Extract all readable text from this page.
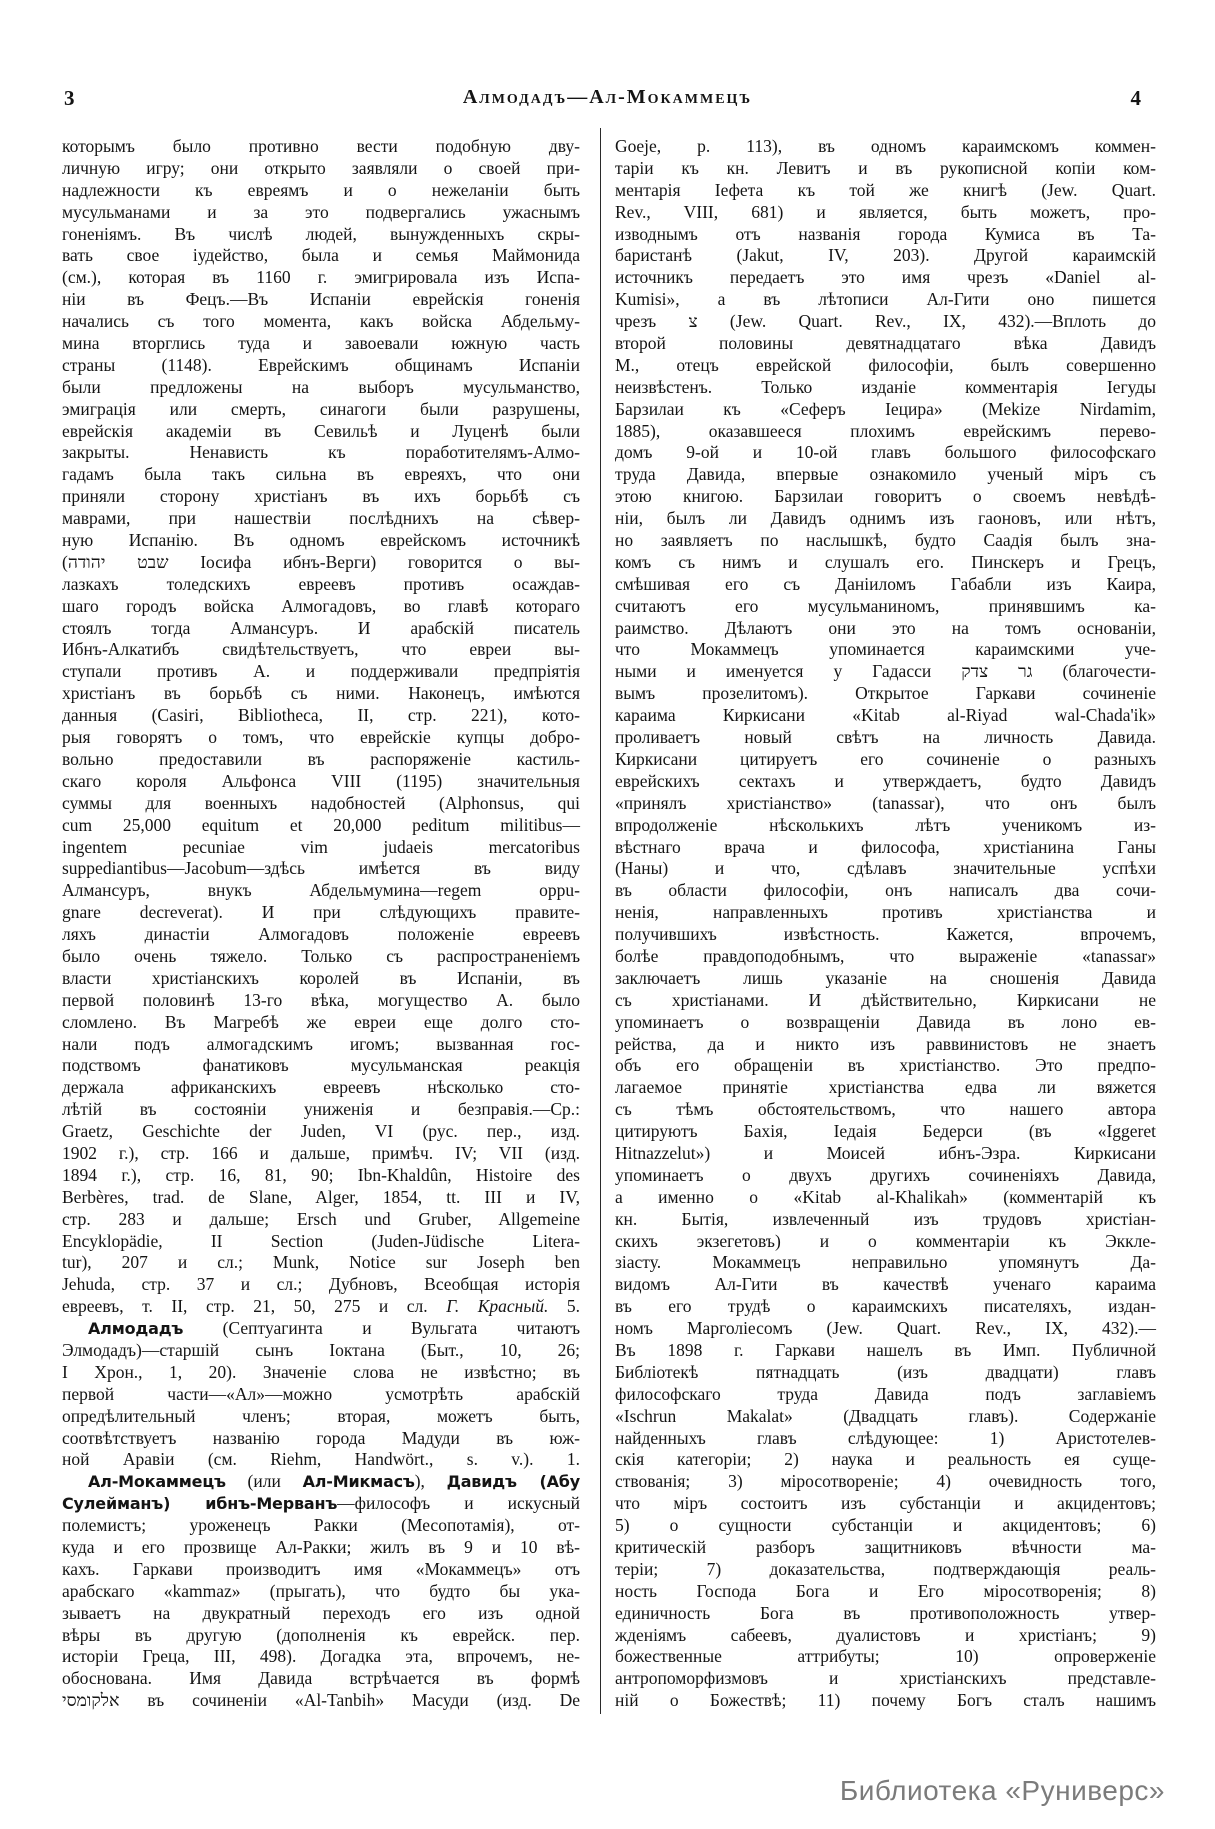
3	Алмодадъ—Ал-Мокаммецъ	4
которымъ было противно вести подобную дву-
личную игру; они открыто заявляли о своей при-
надлежности къ евреямъ и о нежеланіи быть
мусульманами и за это подвергались ужаснымъ
гоненіямъ. Въ числѣ людей, вынужденныхъ скры-
вать свое іудейство, была и семья Маймонида
(см.), которая въ 1160 г. эмигрировала изъ Испа-
ніи въ Фецъ.—Въ Испаніи еврейскія гоненія
начались съ того момента, какъ войска Абдельму-
мина вторглись туда и завоевали южную часть
страны (1148). Еврейскимъ общинамъ Испаніи
были предложены на выборъ мусульманство,
эмиграція или смерть, синагоги были разрушены,
еврейскія академіи въ Севильѣ и Луценѣ были
закрыты. Ненависть къ поработителямъ-Алмо-
гадамъ была такъ сильна въ евреяхъ, что они
приняли сторону христіанъ въ ихъ борьбѣ съ
маврами, при нашествіи послѣднихъ на сѣвер-
ную Испанію. Въ одномъ еврейскомъ источникѣ
(שבט יהודה Іосифа ибнъ-Верги) говорится о вы-
лазкахъ толедскихъ евреевъ противъ осаждав-
шаго городъ войска Алмогадовъ, во главѣ котораго
стоялъ тогда Алмансуръ. И арабскій писатель
Ибнъ-Алкатибъ свидѣтельствуетъ, что евреи вы-
ступали противъ А. и поддерживали предпріятія
христіанъ въ борьбѣ съ ними. Наконецъ, имѣются
данныя (Casiri, Bibliotheca, II, стр. 221), кото-
рыя говорятъ о томъ, что еврейскіе купцы добро-
вольно предоставили въ распоряженіе кастиль-
скаго короля Альфонса VIII (1195) значительныя
суммы для военныхъ надобностей (Alphonsus, qui
cum 25,000 equitum et 20,000 peditum militibus—
ingentem pecuniae vim judaeis mercatoribus
suppediantibus—Jacobum—здѣсь имѣется въ виду
Алмансуръ, внукъ Абдельмумина—regem oppu-
gnare decreverat). И при слѣдующихъ правите-
ляхъ династіи Алмогадовъ положеніе евреевъ
было очень тяжело. Только съ распространеніемъ
власти христіанскихъ королей въ Испаніи, въ
первой половинѣ 13-го вѣка, могущество А. было
сломлено. Въ Магребѣ же евреи еще долго сто-
нали подъ алмогадскимъ игомъ; вызванная гос-
подствомъ фанатиковъ мусульманская реакція
держала африканскихъ евреевъ нѣсколько сто-
лѣтій въ состояніи униженія и безправія.—Ср.:
Graetz, Geschichte der Juden, VI (рус. пер., изд.
1902 г.), стр. 166 и дальше, примѣч. IV; VII (изд.
1894 г.), стр. 16, 81, 90; Ibn-Khaldûn, Histoire des
Berbères, trad. de Slane, Alger, 1854, tt. III и IV,
стр. 283 и дальше; Ersch und Gruber, Allgemeine
Encyklopädie, II Section (Juden-Jüdische Litera-
tur), 207 и сл.; Munk, Notice sur Joseph ben
Jehuda, стр. 37 и сл.; Дубновъ, Всеобщая исторія
евреевъ, т. II, стр. 21, 50, 275 и сл. Г. Красный. 5.
Алмодадъ (Септуагинта и Вульгата читаютъ
Элмодадъ)—старшій сынъ Іоктана (Быт., 10, 26;
I Хрон., 1, 20). Значеніе слова не извѣстно; въ
первой части—«Ал»—можно усмотрѣть арабскій
опредѣлительный членъ; вторая, можетъ быть,
соотвѣтствуетъ названію города Мадуди въ юж-
ной Аравіи (см. Riehm, Handwört., s. v.). 1.
Ал-Мокаммецъ (или Ал-Микмасъ), Давидъ (Абу
Сулейманъ) ибнъ-Мерванъ—философъ и искусный
полемистъ; уроженецъ Ракки (Месопотамія), от-
куда и его прозвище Ал-Ракки; жилъ въ 9 и 10 вѣ-
кахъ. Гаркави производитъ имя «Мокаммецъ» отъ
арабскаго «kammaz» (прыгать), что будто бы ука-
зываетъ на двукратный переходъ его изъ одной
вѣры въ другую (дополненія къ еврейск. пер.
исторіи Греца, III, 498). Догадка эта, впрочемъ, не-
обоснована. Имя Давида встрѣчается въ формѣ
אלקומסי въ сочиненіи «Al-Tanbih» Масуди (изд. De
Goeje, p. 113), въ одномъ караимскомъ коммен-
таріи къ кн. Левитъ и въ рукописной копіи ком-
ментарія Іефета къ той же книгѣ (Jew. Quart.
Rev., VIII, 681) и является, быть можетъ, про-
изводнымъ отъ названія города Кумиса въ Та-
баристанѣ (Jakut, IV, 203). Другой караимскій
источникъ передаетъ это имя чрезъ «Daniel al-
Kumisi», а въ лѣтописи Ал-Гити оно пишется
чрезъ צ (Jew. Quart. Rev., IX, 432).—Вплоть до
второй половины девятнадцатаго вѣка Давидъ
М., отецъ еврейской философіи, былъ совершенно
неизвѣстенъ. Только изданіе комментарія Іегуды
Барзилаи къ «Сеферъ Іецира» (Mekize Nirdamim,
1885), оказавшееся плохимъ еврейскимъ перево-
домъ 9-ой и 10-ой главъ большого философскаго
труда Давида, впервые ознакомило ученый міръ съ
этою книгою. Барзилаи говоритъ о своемъ невѣдѣ-
ніи, былъ ли Давидъ однимъ изъ гаоновъ, или нѣтъ,
но заявляетъ по наслышкѣ, будто Саадія былъ зна-
комъ съ нимъ и слушалъ его. Пинскеръ и Грецъ,
смѣшивая его съ Даніиломъ Габабли изъ Каира,
считаютъ его мусульманиномъ, принявшимъ ка-
раимство. Дѣлаютъ они это на томъ основаніи,
что Мокаммецъ упоминается караимскими уче-
ными и именуется у Гадасси גר צדק (благочести-
вымъ прозелитомъ). Открытое Гаркави сочиненіе
караима Киркисани «Kitab al-Riyad wal-Chada'ik»
проливаетъ новый свѣтъ на личность Давида.
Киркисани цитируетъ его сочиненіе о разныхъ
еврейскихъ сектахъ и утверждаетъ, будто Давидъ
«принялъ христіанство» (tanassar), что онъ былъ
впродолженіе нѣсколькихъ лѣтъ ученикомъ из-
вѣстнаго врача и философа, христіанина Ганы
(Наны) и что, сдѣлавъ значительные успѣхи
въ области философіи, онъ написалъ два сочи-
ненія, направленныхъ противъ христіанства и
получившихъ извѣстность. Кажется, впрочемъ,
болѣе правдоподобнымъ, что выраженіе «tanassar»
заключаетъ лишь указаніе на сношенія Давида
съ христіанами. И дѣйствительно, Киркисани не
упоминаетъ о возвращеніи Давида въ лоно ев-
рейства, да и никто изъ раввинистовъ не знаетъ
объ его обращеніи въ христіанство. Это предпо-
лагаемое принятіе христіанства едва ли вяжется
съ тѣмъ обстоятельствомъ, что нашего автора
цитируютъ Бахія, Іедаія Бедерси (въ «Iggeret
Hitnazzelut») и Моисей ибнъ-Эзра. Киркисани
упоминаетъ о двухъ другихъ сочиненіяхъ Давида,
а именно о «Kitab al-Khalikah» (комментарій къ
кн. Бытія, извлеченный изъ трудовъ христіан-
скихъ экзегетовъ) и о комментаріи къ Эккле-
зіасту. Мокаммецъ неправильно упомянутъ Да-
видомъ Ал-Гити въ качествѣ ученаго караима
въ его трудѣ о караимскихъ писателяхъ, издан-
номъ Марголіесомъ (Jew. Quart. Rev., IX, 432).—
Въ 1898 г. Гаркави нашелъ въ Имп. Публичной
Библіотекѣ пятнадцать (изъ двадцати) главъ
философскаго труда Давида подъ заглавіемъ
«Ischrun Makalat» (Двадцать главъ). Содержаніе
найденныхъ главъ слѣдующее: 1) Аристотелев-
скія категоріи; 2) наука и реальность ея суще-
ствованія; 3) міросотвореніе; 4) очевидность того,
что міръ состоитъ изъ субстанціи и акцидентовъ;
5) о сущности субстанціи и акцидентовъ; 6)
критическій разборъ защитниковъ вѣчности ма-
теріи; 7) доказательства, подтверждающія реаль-
ность Господа Бога и Его міросотворенія; 8)
единичность Бога въ противоположность утвер-
жденіямъ сабеевъ, дуалистовъ и христіанъ; 9)
божественные аттрибуты; 10) опроверженіе
антропоморфизмовъ и христіанскихъ представле-
ній о Божествѣ; 11) почему Богъ сталъ нашимъ
Библиотека «Руниверс»
